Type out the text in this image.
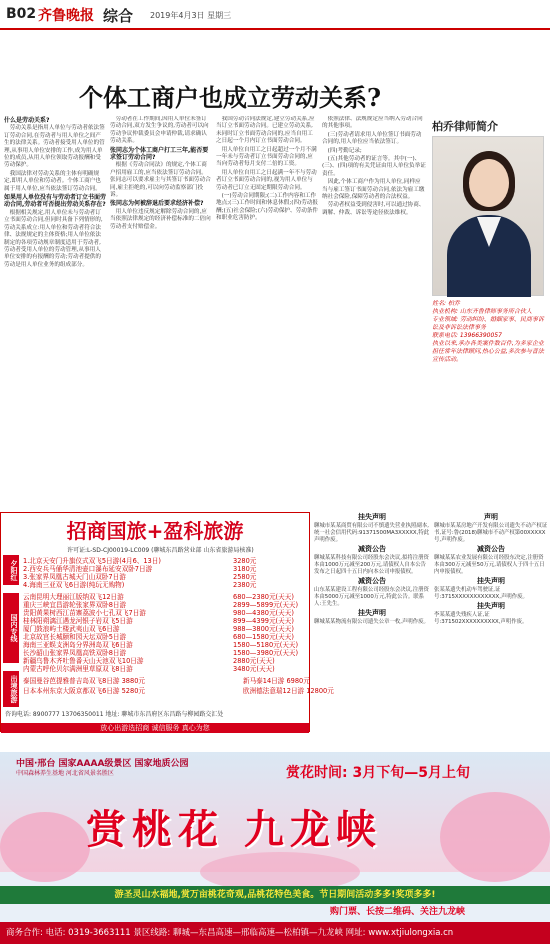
B02 齐鲁晚报 综合 2019年4月3日 星期三
个体工商户也成立劳动关系?
什么是劳动关系?

劳动关系是指用人单位与劳动者依法签订劳动合同,在劳动者与用人单位之间产生的法律关系。劳动者接受用人单位的管理,从事用人单位安排的工作,成为用人单位的成员,从用人单位领取劳动报酬和受劳动保护。

我国法律对劳动关系的主体有明确规定,即用人单位和劳动者。个体工商户也属于用人单位,应当依法签订劳动合同。

如果用人单位没有与劳动者订立书面劳动合同,劳动者可否提出劳动关系存在?

根据相关规定,用人单位未与劳动者订立书面劳动合同,但同时具备下列情形的,劳动关系成立:用人单位和劳动者符合法律、法规规定的主体资格;用人单位依法制定的各项劳动规章制度适用于劳动者,劳动者受用人单位的劳动管理,从事用人单位安排的有报酬的劳动;劳动者提供的劳动是用人单位业务的组成部分。

劳动者在工作期间,因用人单位未签订劳动合同,双方发生争议的,劳动者可以向劳动争议仲裁委员会申请仲裁,请求确认劳动关系。

张同志为个体工商户打工三年,能否要求签订劳动合同?

根据《劳动合同法》的规定,个体工商户招用雇工的,应当依法签订劳动合同。张同志可以要求雇主与其签订书面劳动合同,雇主拒绝的,可以向劳动监察部门投诉。

张同志为何被辞退后要求经济补偿?

用人单位违反规定解除劳动合同的,应当依照法律规定的经济补偿标准的二倍向劳动者支付赔偿金。

我国劳动合同法规定,建立劳动关系,应当订立书面劳动合同。已建立劳动关系,未同时订立书面劳动合同的,应当自用工之日起一个月内订立书面劳动合同。

用人单位自用工之日起超过一个月不满一年未与劳动者订立书面劳动合同的,应当向劳动者每月支付二倍的工资。

用人单位自用工之日起满一年不与劳动者订立书面劳动合同的,视为用人单位与劳动者已订立无固定期限劳动合同。

(一)劳动合同期限;(二)工作内容和工作地点;(三)工作时间和休息休假;(四)劳动报酬;(五)社会保险;(六)劳动保护、劳动条件和职业危害防护。

依照法律、法规规定应当纳入劳动合同的其他事项。

(三)劳动者请求用人单位签订书面劳动合同的,用人单位应当依法签订。

(四)考勤记录;

(五)其他劳动者的证言等。其中(一)、(三)、(四)项的有关凭证由用人单位负举证责任。

因此,个体工商户作为用人单位,同样应当与雇工签订书面劳动合同,依法为雇工缴纳社会保险,保障劳动者的合法权益。

劳动者权益受到侵害时,可以通过协商、调解、仲裁、诉讼等途径依法维权。

柏乔律师简介
姓名: 柏乔
执业机构: 山东齐鲁律师事务所合伙人
专业领域: 劳动纠纷、婚姻家事、民商事诉讼及非诉讼法律事务
联系电话: 13966390057
执业以来,承办各类案件数百件,为多家企业担任常年法律顾问,热心公益,多次参与普法宣传活动。
招商国旅+盈科旅游
许可证:L-SD-CJ00019-LC009 (聊城东昌路营业部 山东省旅游局核准)
夕阳红
国内专线
出境旅游
1.北京天安门升旗仪式双飞5日游(4月6、13日)	3280元
2.西安兵马俑华清池壶口瀑布延安双卧7日游	3180元
3.张家界凤凰古城天门山双卧7日游	2580元
4.海南三亚双飞6日游(纯玩无购物)	2380元
云南昆明大理丽江版纳双飞12日游	680—2380元(天天)
重庆三峡宜昌游轮张家界双卧8日游	2899—5899元(天天)
贵阳黄果树西江苗寨荔波小七孔双飞7日游	980—4380元(天天)
桂林阳朔漓江遇龙河银子岩双飞5日游	899—4399元(天天)
厦门鼓浪屿土楼武夷山双飞6日游	988—3800元(天天)
北京故宫长城颐和园天坛双卧5日游	680—1580元(天天)
海南三亚蜈支洲岛分界洲岛双飞6日游	1580—5180元(天天)
长沙韶山张家界凤凰高铁双卧8日游	1580—3980元(天天)
新疆乌鲁木齐吐鲁番天山天池双飞10日游	2880元(天天)
内蒙古呼伦贝尔满洲里草原双飞8日游	3480元(天天)
泰国曼谷芭提雅普吉岛双飞8日游 3880元	新马泰14日游 6980元
日本本州东京大阪京都双飞6日游 5280元	欧洲德法意瑞12日游 12800元
咨询电话: 8900777 13706350011 地址: 聊城市东昌府区东昌路与柳园路交汇处
放心出游选招商 诚信服务 真心为您
挂失声明
聊城市某某商贸有限公司不慎遗失营业执照副本,统一社会信用代码:91371500MA3XXXXX,特此声明作废。
减资公告
聊城某某科技有限公司经股东会决议,拟将注册资本由1000万元减至200万元,请债权人自本公告发布之日起四十五日内向本公司申报债权。
减资公告
山东某某建设工程有限公司经股东会决议,注册资本由5000万元减至1000万元,特此公告。联系人:王先生。
挂失声明
聊城某某物流有限公司遗失公章一枚,声明作废。
声明
聊城市某某房地产开发有限公司遗失不动产权证书,证号:鲁(2018)聊城市不动产权第00XXXXX号,声明作废。
减资公告
聊城某某农业发展有限公司经股东决定,注册资本由300万元减至50万元,请债权人于四十五日内申报债权。
挂失声明
张某某遗失机动车驾驶证,证号:3715XXXXXXXXXXXX,声明作废。
挂失声明
李某某遗失残疾人证,证号:371502XXXXXXXXXX,声明作废。
中国·邢台 国家AAAA级景区 国家地质公园
中国森林养生基地 河北省风景名胜区	赏花时间: 3月下旬—5月上旬
赏桃花 九龙峡
游圣灵山水福地,赏万亩桃花奇观,品桃花特色美食。节日期间活动多多!奖项多多!
购门票、长按二维码、关注九龙峡
商务合作: 电话: 0319-3663111 景区线路: 聊城—东昌高速—邢临高速—松柏镇—九龙峡 网址: www.xtjiulongxia.cn
